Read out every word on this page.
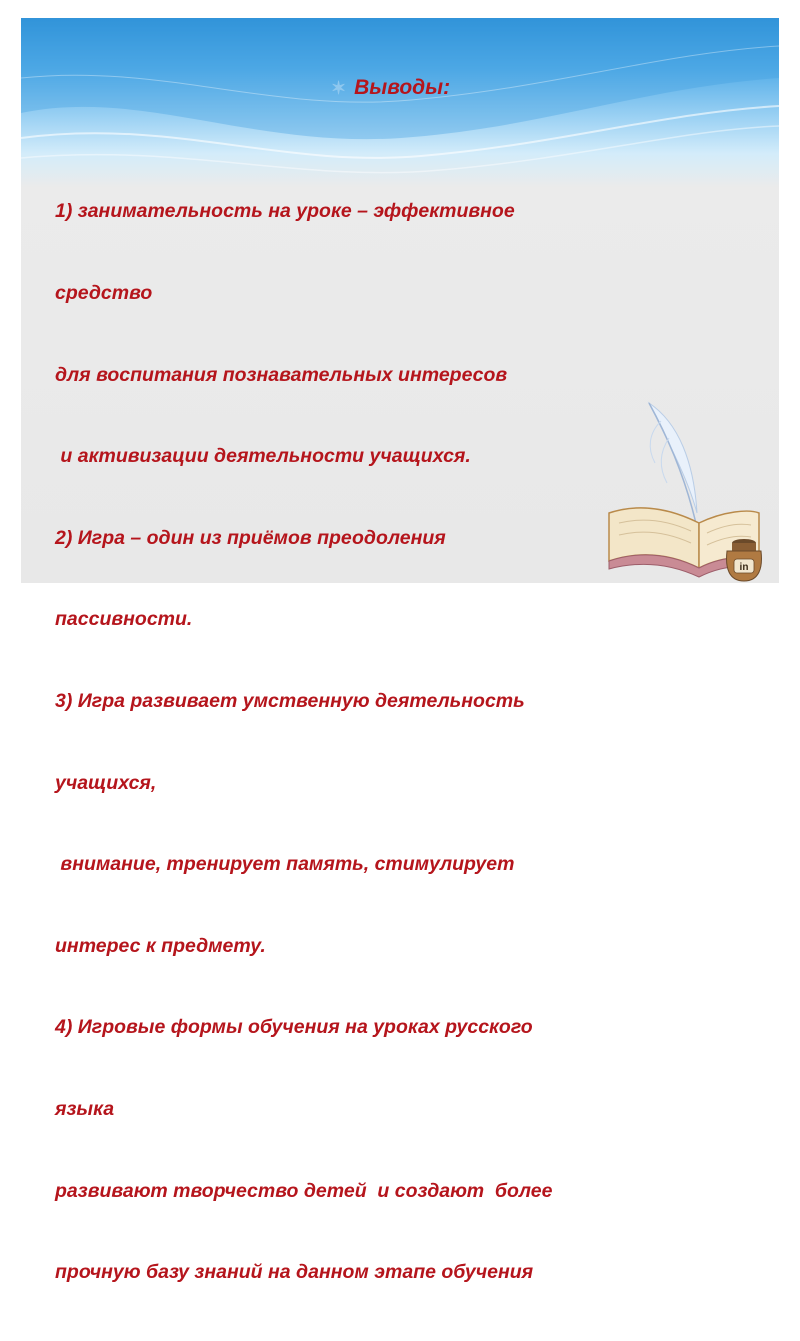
✶ Выводы:

1) занимательность на уроке – эффективное

средство

для воспитания познавательных интересов

и активизации деятельности учащихся.

2) Игра – один из приёмов преодоления

пассивности.

3) Игра развивает умственную деятельность

учащихся,

внимание, тренирует память, стимулирует

интерес к предмету.

4) Игровые формы обучения на уроках русского

языка

развивают творчество детей  и создают  более

прочную базу знаний на данном этапе обучения

in
